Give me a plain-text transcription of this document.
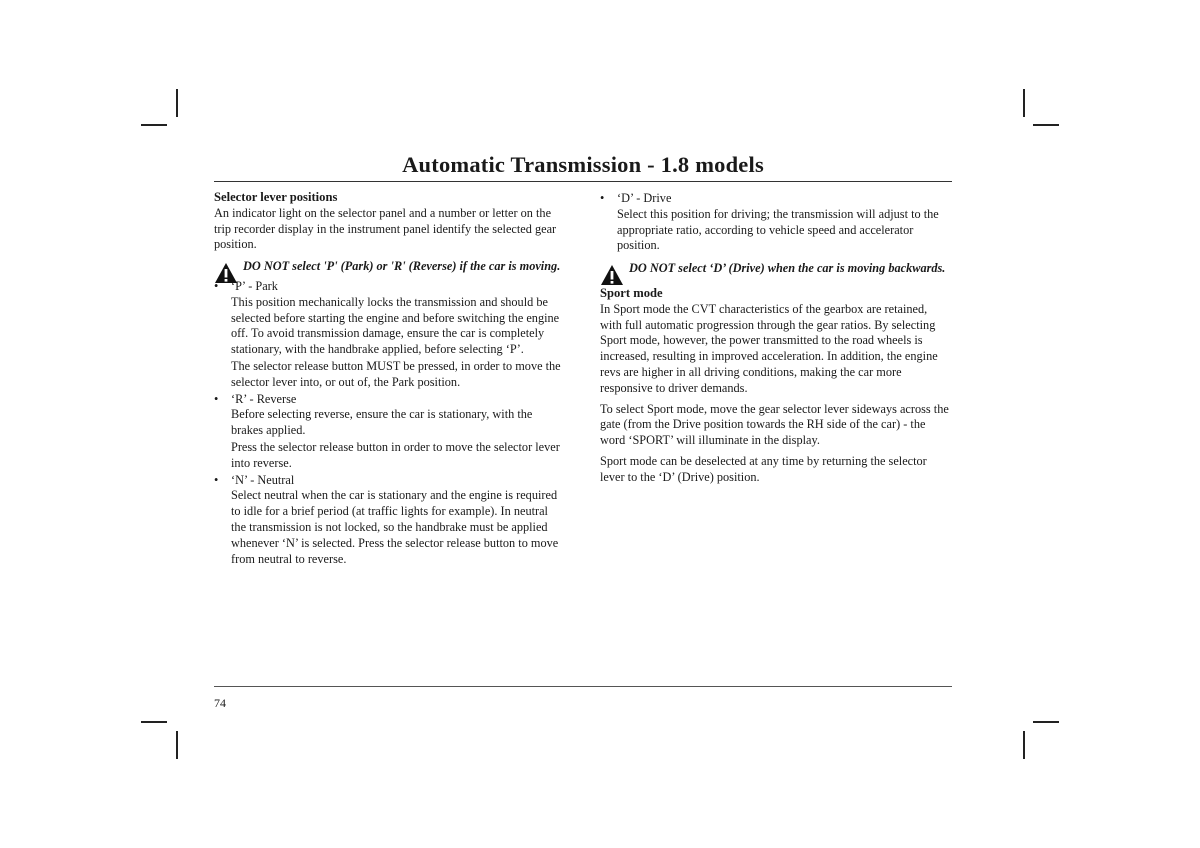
Automatic Transmission - 1.8 models
Selector lever positions

An indicator light on the selector panel and a number or letter on the trip recorder display in the instrument panel identify the selected gear position.

DO NOT select 'P' (Park) or 'R' (Reverse) if the car is moving.
• ‘P’ - Park

This position mechanically locks the transmission and should be selected before starting the engine and before switching the engine off. To avoid transmission damage, ensure the car is completely stationary, with the handbrake applied, before selecting ‘P’.

The selector release button MUST be pressed, in order to move the selector lever into, or out of, the Park position.

• ‘R’ - Reverse

Before selecting reverse, ensure the car is stationary, with the brakes applied.

Press the selector release button in order to move the selector lever into reverse.

• ‘N’ - Neutral

Select neutral when the car is stationary and the engine is required to idle for a brief period (at traffic lights for example). In neutral the transmission is not locked, so the handbrake must be applied whenever ‘N’ is selected. Press the selector release button to move from neutral to reverse.

• ‘D’ - Drive

Select this position for driving; the transmission will adjust to the appropriate ratio, according to vehicle speed and accelerator position.

DO NOT select ‘D’ (Drive) when the car is moving backwards.
Sport mode

In Sport mode the CVT characteristics of the gearbox are retained, with full automatic progression through the gear ratios. By selecting Sport mode, however, the power transmitted to the road wheels is increased, resulting in improved acceleration. In addition, the engine revs are higher in all driving conditions, making the car more responsive to driver demands.

To select Sport mode, move the gear selector lever sideways across the gate (from the Drive position towards the RH side of the car) - the word ‘SPORT’ will illuminate in the display.

Sport mode can be deselected at any time by returning the selector lever to the ‘D’ (Drive) position.

74
